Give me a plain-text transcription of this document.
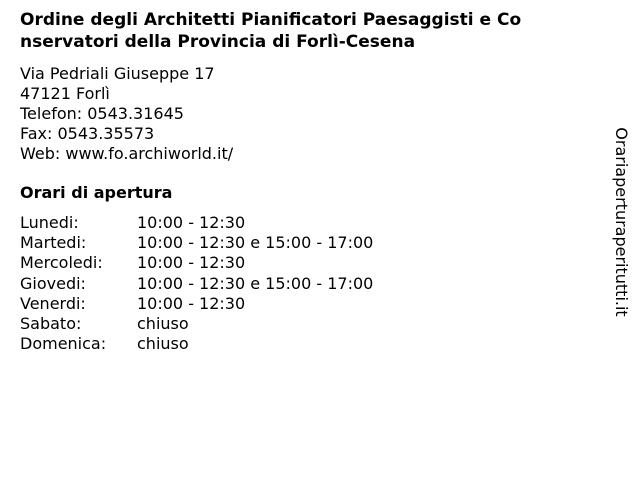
Ordine degli Architetti Pianificatori Paesaggisti e Co
nservatori della Provincia di Forlì-Cesena
Via Pedriali Giuseppe 17
47121 Forlì
Telefon: 0543.31645
Fax: 0543.35573
Web: www.fo.archiworld.it/
Orari di apertura
Lunedi:	10:00 - 12:30
Martedi:	10:00 - 12:30 e 15:00 - 17:00
Mercoledi:	10:00 - 12:30
Giovedi:	10:00 - 12:30 e 15:00 - 17:00
Venerdi:	10:00 - 12:30
Sabato:	chiuso
Domenica:	chiuso
Orariaperturaperitutti.it
